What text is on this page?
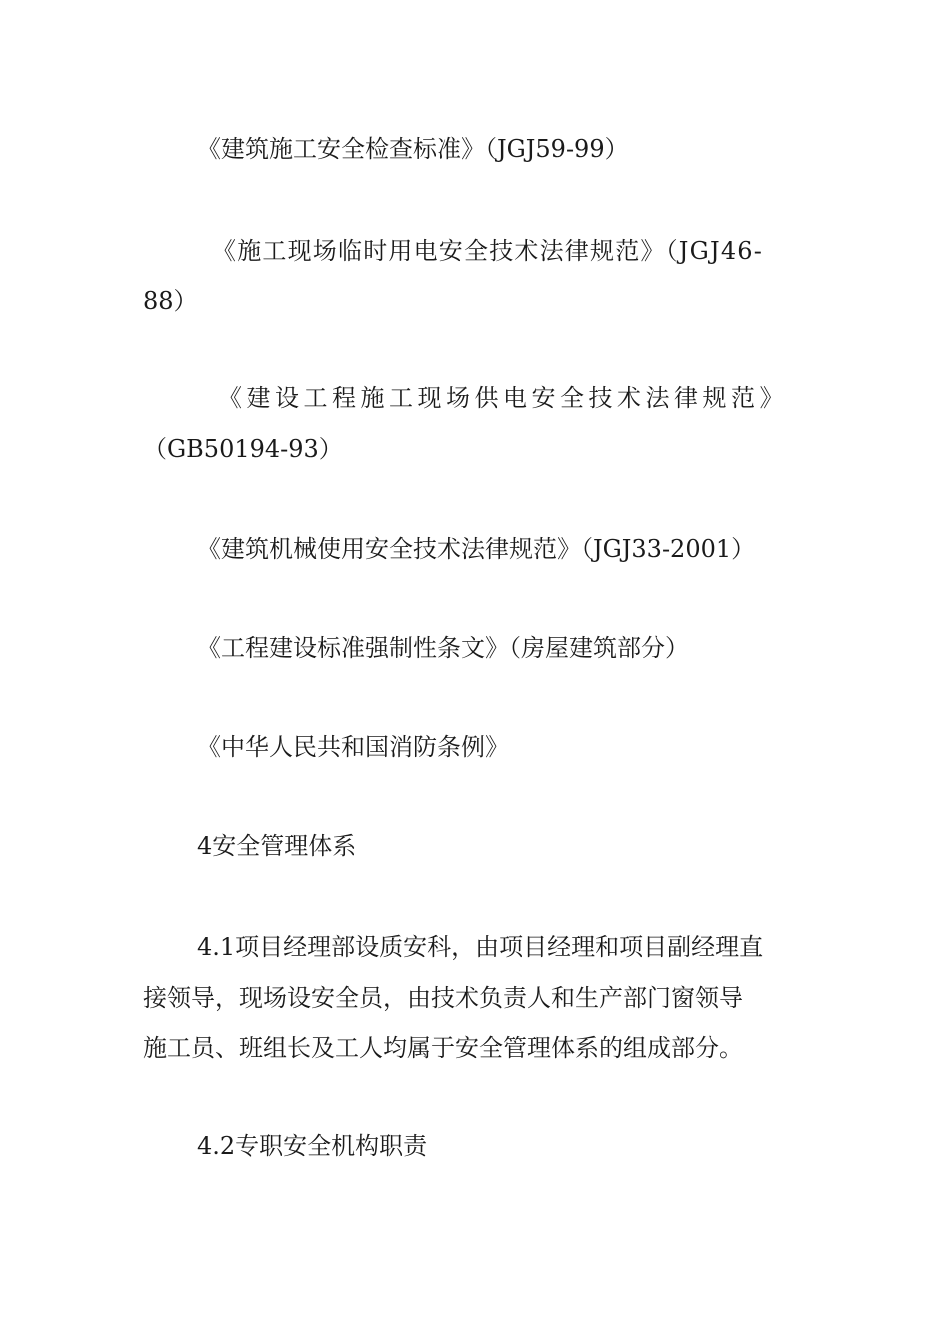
《建筑施工安全检查标准》（JGJ59-99）
《施工现场临时用电安全技术法律规范》（JGJ46-
88）
《建设工程施工现场供电安全技术法律规范》
（GB50194-93）
《建筑机械使用安全技术法律规范》（JGJ33-2001）
《工程建设标准强制性条文》（房屋建筑部分）
《中华人民共和国消防条例》
4安全管理体系
4.1项目经理部设质安科，由项目经理和项目副经理直
接领导，现场设安全员，由技术负责人和生产部门窗领导
施工员、班组长及工人均属于安全管理体系的组成部分。
4.2专职安全机构职责
